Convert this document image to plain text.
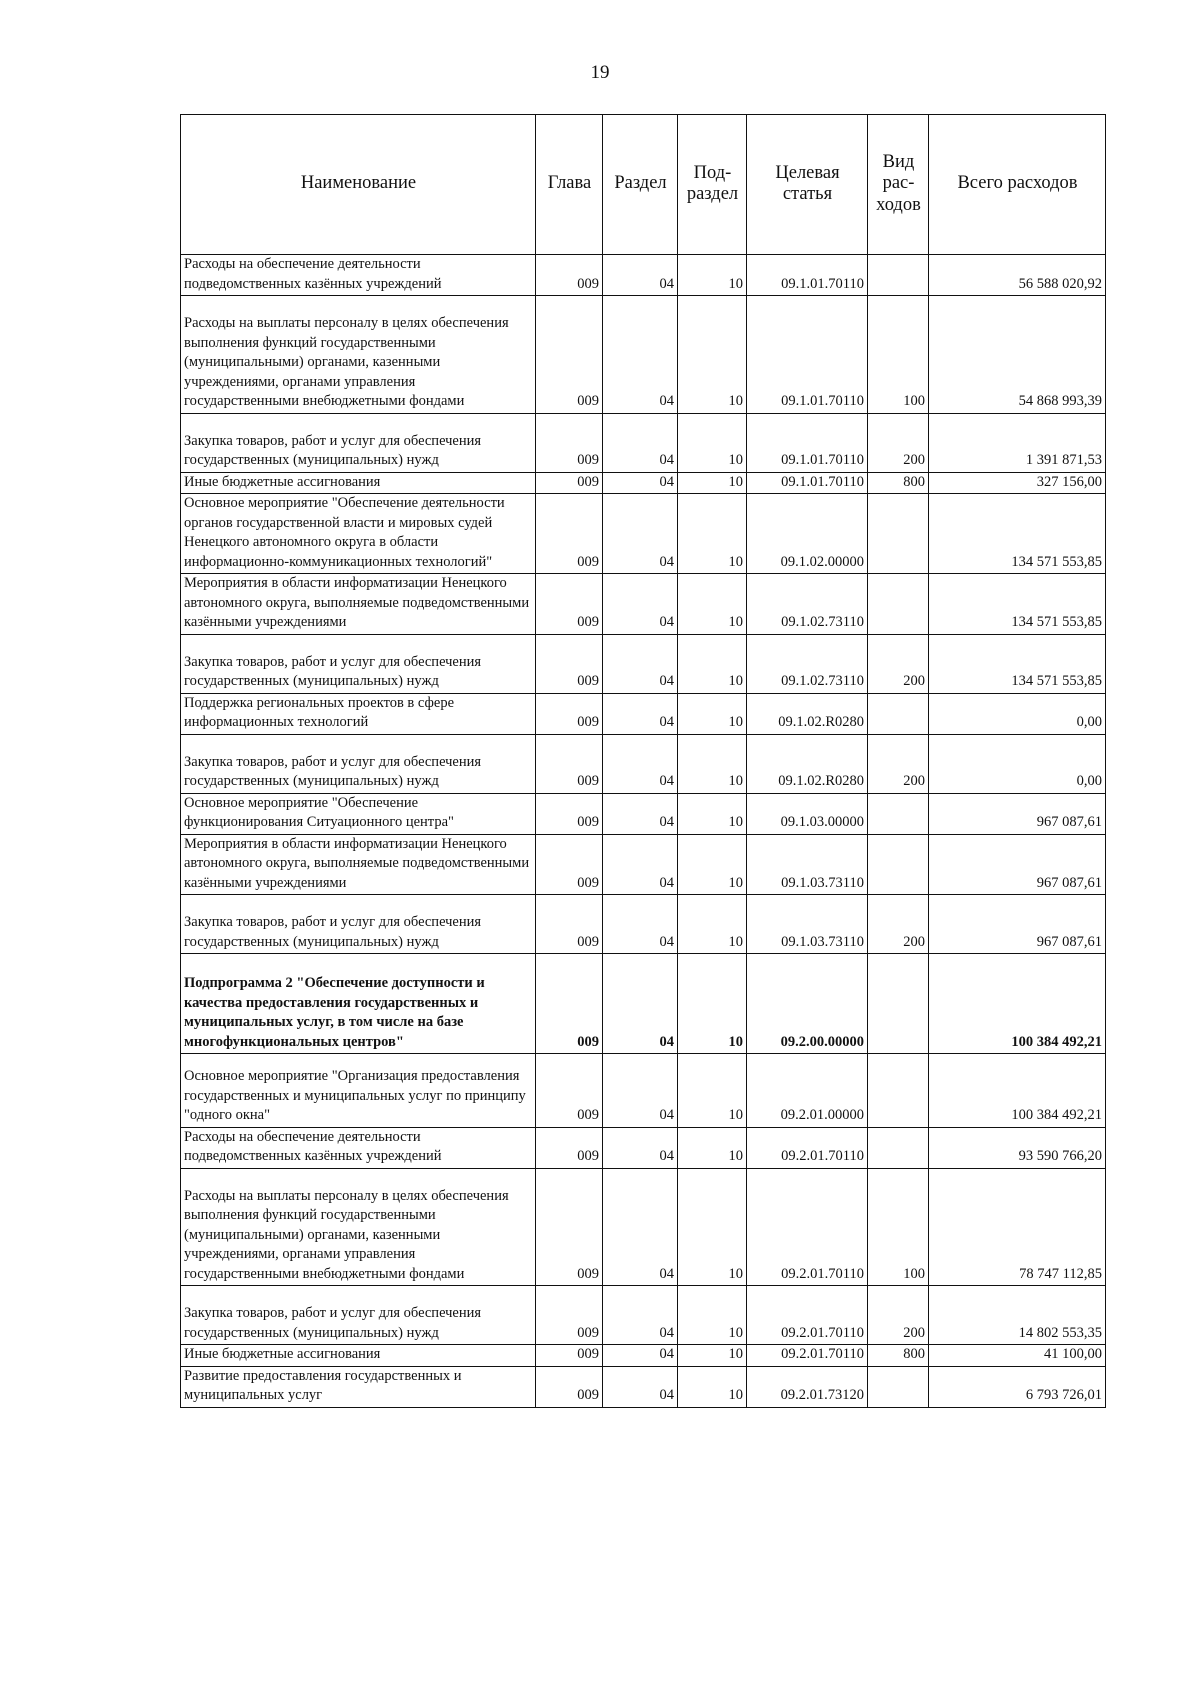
19
Наименование	Глава	Раздел	Под-раздел	Целевая статья	Вид рас-ходов	Всего расходов
Расходы на обеспечение деятельности подведомственных казённых учреждений	009	04	10	09.1.01.70110		56 588 020,92
Расходы на выплаты персоналу в целях обеспечения выполнения функций государственными (муниципальными) органами, казенными учреждениями, органами управления государственными внебюджетными фондами	009	04	10	09.1.01.70110	100	54 868 993,39
Закупка товаров, работ и услуг для обеспечения государственных (муниципальных) нужд	009	04	10	09.1.01.70110	200	1 391 871,53
Иные бюджетные ассигнования	009	04	10	09.1.01.70110	800	327 156,00
Основное мероприятие "Обеспечение деятельности органов государственной власти и мировых судей Ненецкого автономного округа в области информационно-коммуникационных технологий"	009	04	10	09.1.02.00000		134 571 553,85
Мероприятия в области информатизации Ненецкого автономного округа, выполняемые подведомственными казёнными учреждениями	009	04	10	09.1.02.73110		134 571 553,85
Закупка товаров, работ и услуг для обеспечения государственных (муниципальных) нужд	009	04	10	09.1.02.73110	200	134 571 553,85
Поддержка региональных проектов в сфере информационных технологий	009	04	10	09.1.02.R0280		0,00
Закупка товаров, работ и услуг для обеспечения государственных (муниципальных) нужд	009	04	10	09.1.02.R0280	200	0,00
Основное мероприятие "Обеспечение функционирования Ситуационного центра"	009	04	10	09.1.03.00000		967 087,61
Мероприятия в области информатизации Ненецкого автономного округа, выполняемые подведомственными казёнными учреждениями	009	04	10	09.1.03.73110		967 087,61
Закупка товаров, работ и услуг для обеспечения государственных (муниципальных) нужд	009	04	10	09.1.03.73110	200	967 087,61
Подпрограмма 2 "Обеспечение доступности и качества предоставления государственных и муниципальных услуг, в том числе на базе многофункциональных центров"	009	04	10	09.2.00.00000		100 384 492,21
Основное мероприятие "Организация предоставления государственных и муниципальных услуг по принципу "одного окна"	009	04	10	09.2.01.00000		100 384 492,21
Расходы на обеспечение деятельности подведомственных казённых учреждений	009	04	10	09.2.01.70110		93 590 766,20
Расходы на выплаты персоналу в целях обеспечения выполнения функций государственными (муниципальными) органами, казенными учреждениями, органами управления государственными внебюджетными фондами	009	04	10	09.2.01.70110	100	78 747 112,85
Закупка товаров, работ и услуг для обеспечения государственных (муниципальных) нужд	009	04	10	09.2.01.70110	200	14 802 553,35
Иные бюджетные ассигнования	009	04	10	09.2.01.70110	800	41 100,00
Развитие предоставления государственных и муниципальных услуг	009	04	10	09.2.01.73120		6 793 726,01
